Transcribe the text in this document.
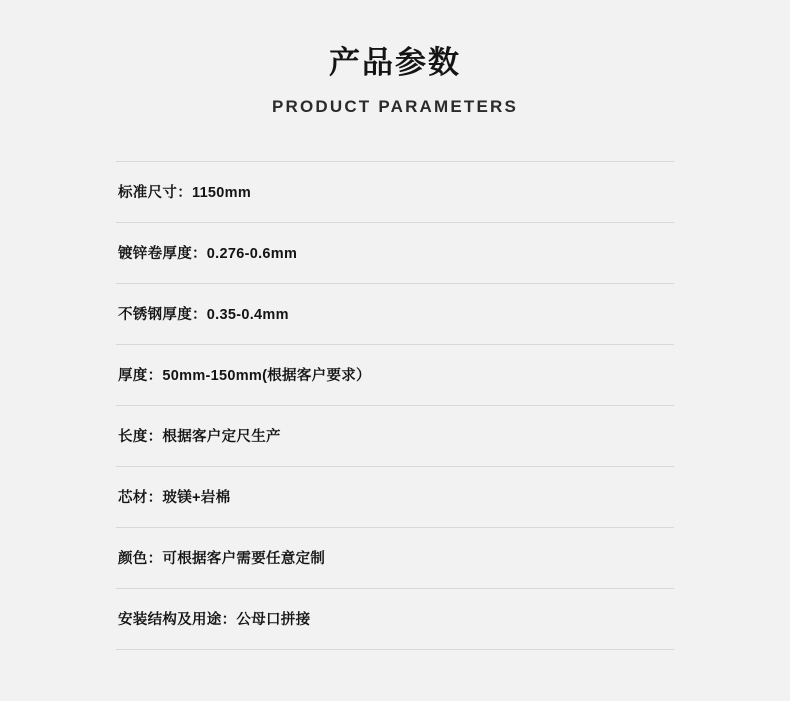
产品参数
PRODUCT PARAMETERS
标准尺寸：1150mm
镀锌卷厚度：0.276-0.6mm
不锈钢厚度：0.35-0.4mm
厚度：50mm-150mm(根据客户要求）
长度：根据客户定尺生产
芯材：玻镁+岩棉
颜色：可根据客户需要任意定制
安装结构及用途：公母口拼接
